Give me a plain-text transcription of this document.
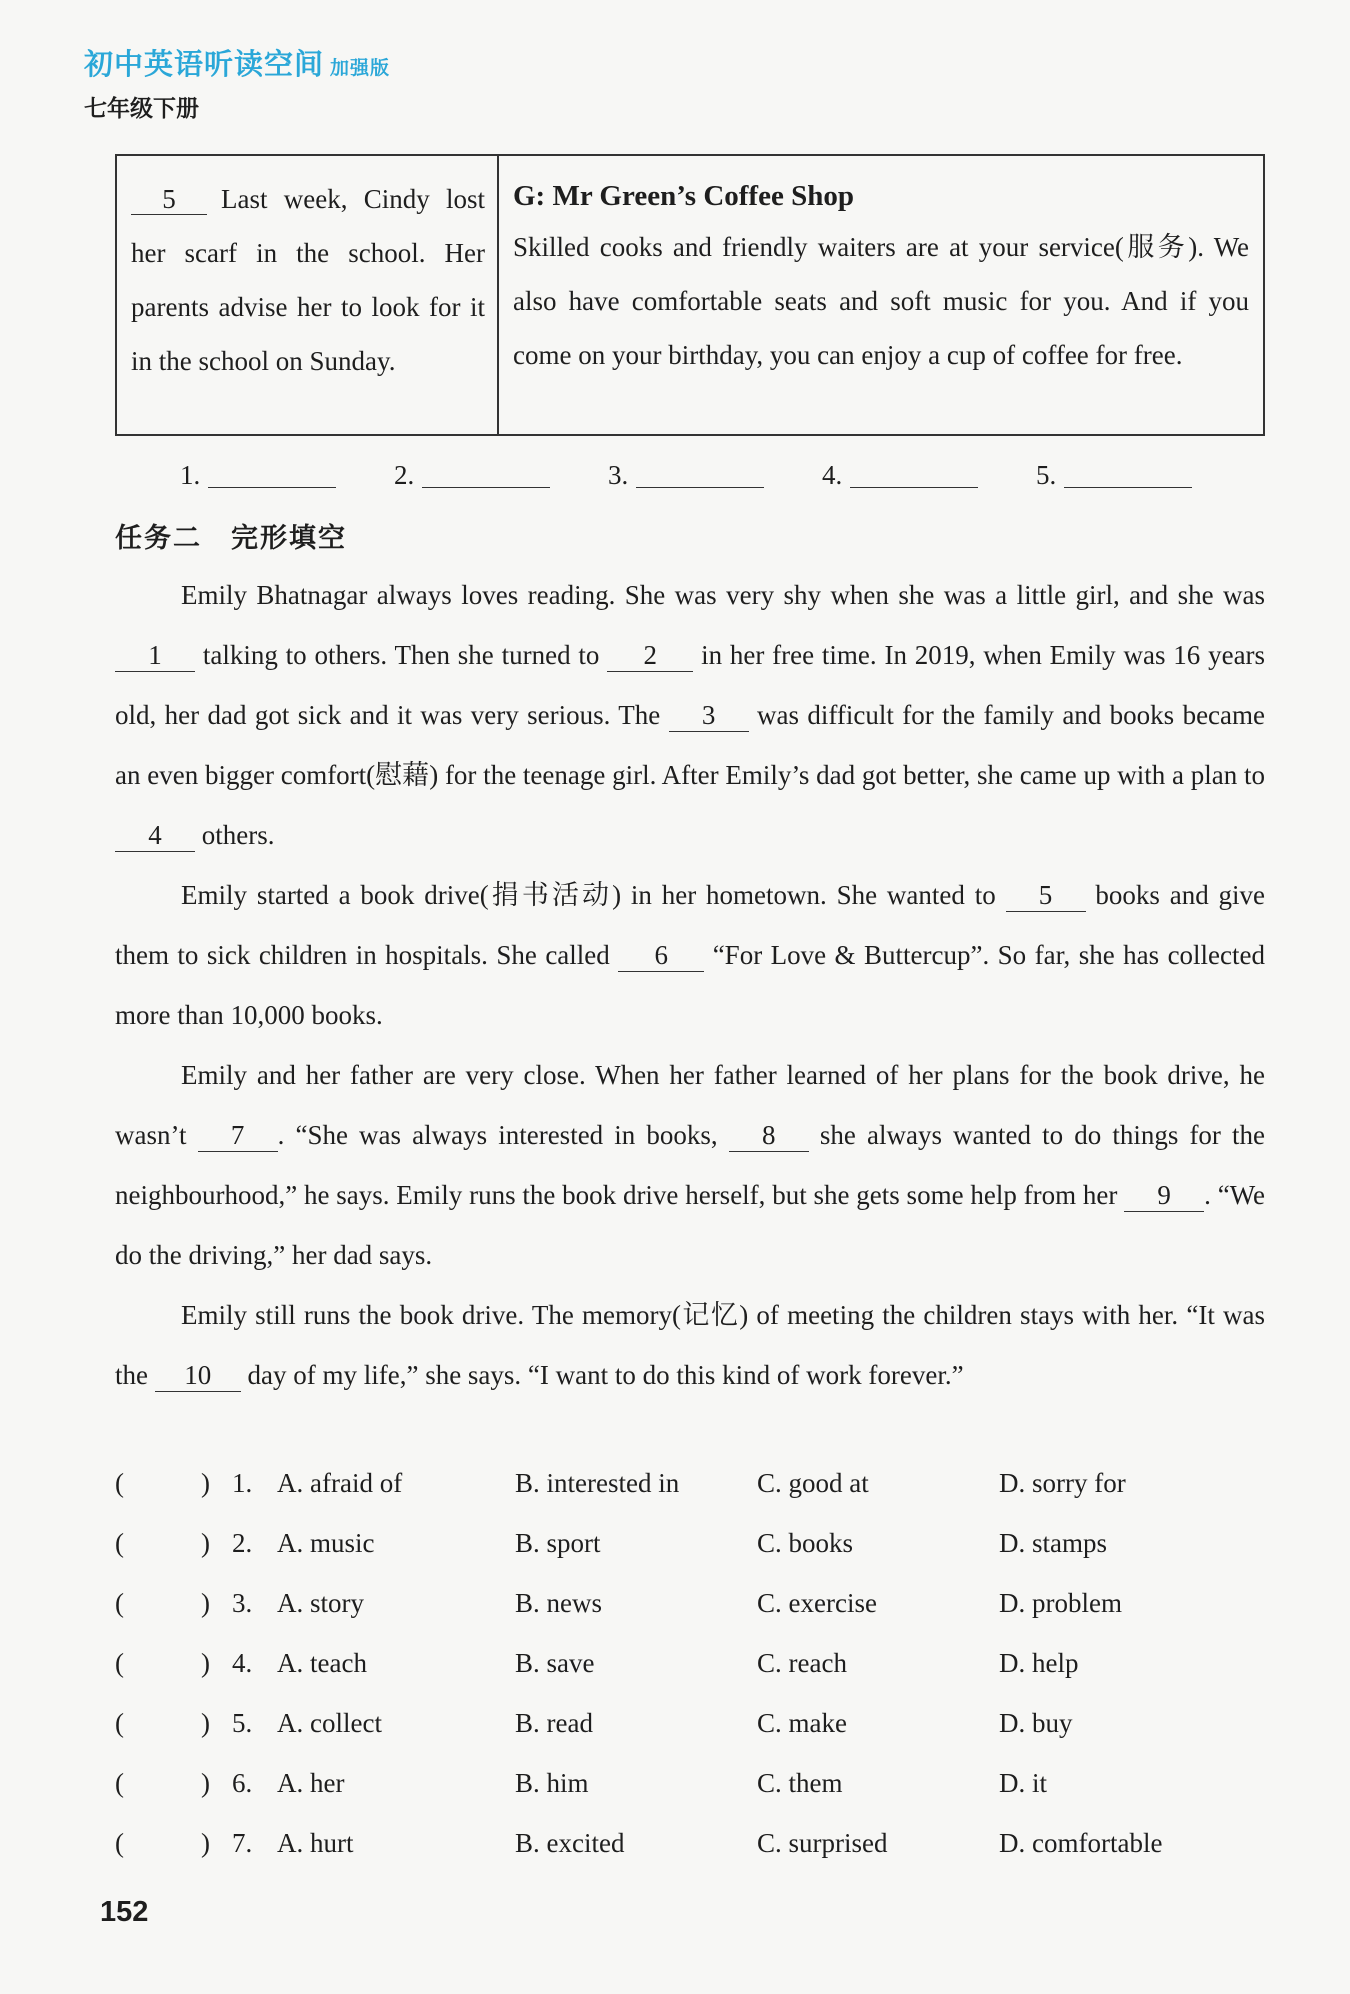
初中英语听读空间 加强版
七年级下册

5 Last week, Cindy lost her scarf in the school. Her parents advise her to look for it in the school on Sunday.

G: Mr Green’s Coffee Shop

Skilled cooks and friendly waiters are at your service(服务). We also have comfortable seats and soft music for you. And if you come on your birthday, you can enjoy a cup of coffee for free.

1.	2.	3.	4.	5.
任务二　完形填空

Emily Bhatnagar always loves reading. She was very shy when she was a little girl, and she was 1 talking to others. Then she turned to 2 in her free time. In 2019, when Emily was 16 years old, her dad got sick and it was very serious. The 3 was difficult for the family and books became an even bigger comfort(慰藉) for the teenage girl. After Emily’s dad got better, she came up with a plan to 4 others.

Emily started a book drive(捐书活动) in her hometown. She wanted to 5 books and give them to sick children in hospitals. She called 6 “For Love & Buttercup”. So far, she has collected more than 10,000 books.

Emily and her father are very close. When her father learned of her plans for the book drive, he wasn’t 7 . “She was always interested in books, 8 she always wanted to do things for the neighbourhood,” he says. Emily runs the book drive herself, but she gets some help from her 9 . “We do the driving,” her dad says.

Emily still runs the book drive. The memory(记忆) of meeting the children stays with her. “It was the 10 day of my life,” she says. “I want to do this kind of work forever.”

(	) 1. A. afraid of	B. interested in	C. good at	D. sorry for
(	) 2. A. music	B. sport	C. books	D. stamps
(	) 3. A. story	B. news	C. exercise	D. problem
(	) 4. A. teach	B. save	C. reach	D. help
(	) 5. A. collect	B. read	C. make	D. buy
(	) 6. A. her	B. him	C. them	D. it
(	) 7. A. hurt	B. excited	C. surprised	D. comfortable
152
